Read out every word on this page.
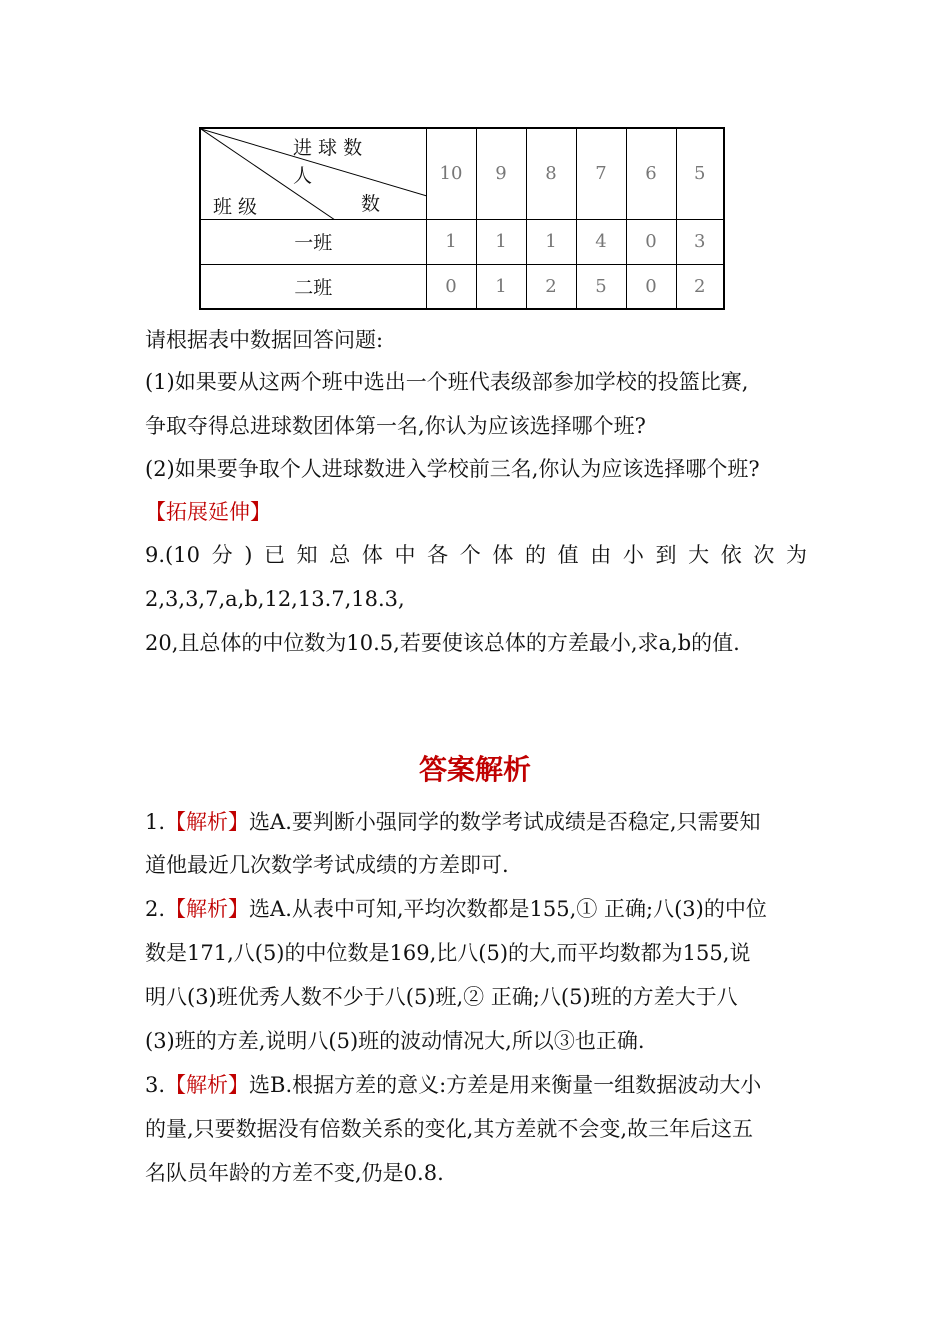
进 球 数
人
数
班 级	10	9	8	7	6	5
一班	1	1	1	4	0	3
二班	0	1	2	5	0	2
请根据表中数据回答问题:
(1)如果要从这两个班中选出一个班代表级部参加学校的投篮比赛,
争取夺得总进球数团体第一名,你认为应该选择哪个班?
(2)如果要争取个人进球数进入学校前三名,你认为应该选择哪个班?
【拓展延伸】
9.(10分)已知总体中各个体的值由小到大依次为
2,3,3,7,a,b,12,13.7,18.3,
20,且总体的中位数为10.5,若要使该总体的方差最小,求a,b的值.
答案解析
1.【解析】选A.要判断小强同学的数学考试成绩是否稳定,只需要知
道他最近几次数学考试成绩的方差即可.
2.【解析】选A.从表中可知,平均次数都是155,① 正确;八(3)的中位
数是171,八(5)的中位数是169,比八(5)的大,而平均数都为155,说
明八(3)班优秀人数不少于八(5)班,② 正确;八(5)班的方差大于八
(3)班的方差,说明八(5)班的波动情况大,所以③也正确.
3.【解析】选B.根据方差的意义:方差是用来衡量一组数据波动大小
的量,只要数据没有倍数关系的变化,其方差就不会变,故三年后这五
名队员年龄的方差不变,仍是0.8.
